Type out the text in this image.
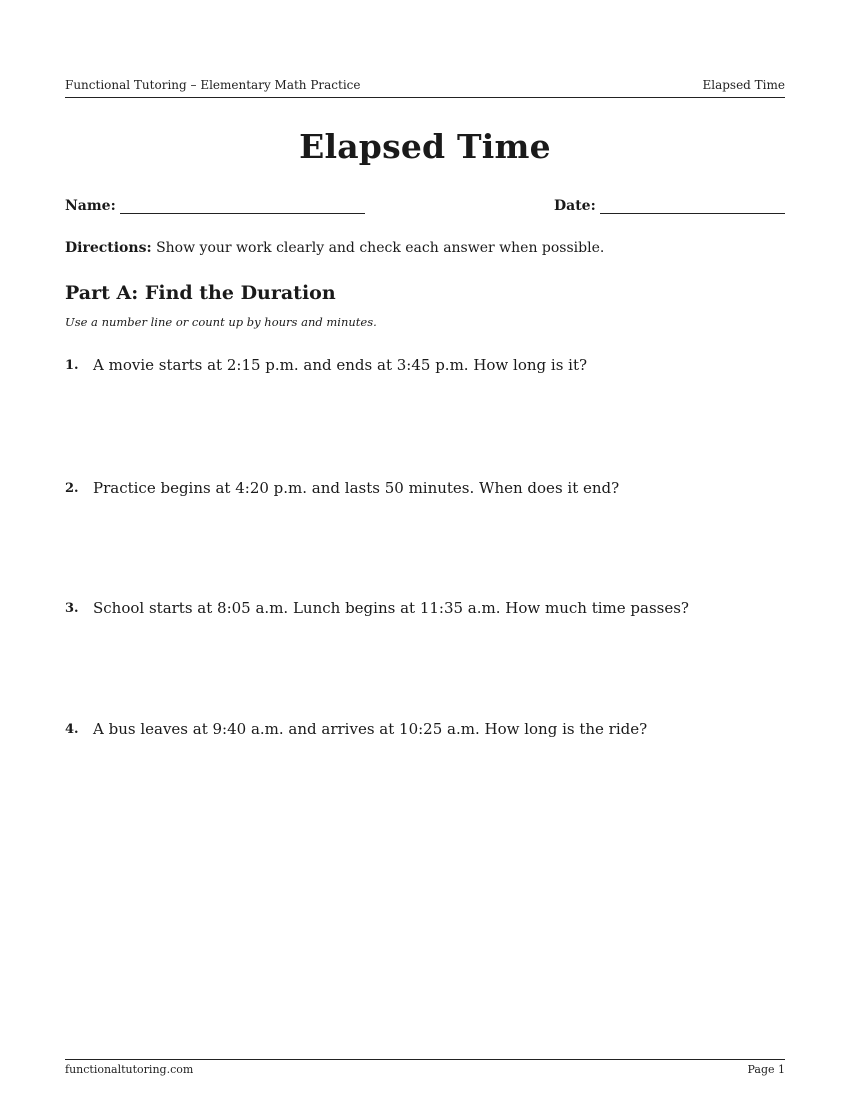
Functional Tutoring – Elementary Math Practice	Elapsed Time
Elapsed Time
Name:	Date:
Directions: Show your work clearly and check each answer when possible.
Part A: Find the Duration
Use a number line or count up by hours and minutes.
1. A movie starts at 2:15 p.m. and ends at 3:45 p.m. How long is it?
2. Practice begins at 4:20 p.m. and lasts 50 minutes. When does it end?
3. School starts at 8:05 a.m. Lunch begins at 11:35 a.m. How much time passes?
4. A bus leaves at 9:40 a.m. and arrives at 10:25 a.m. How long is the ride?
functionaltutoring.com	Page 1
